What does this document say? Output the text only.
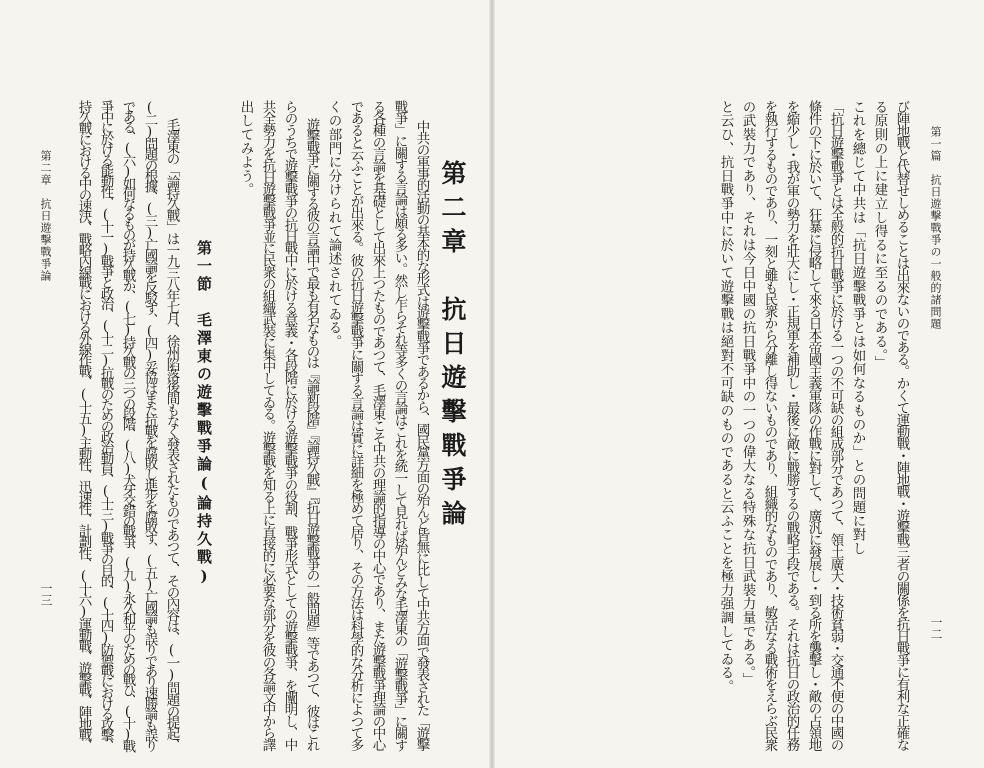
中共の軍事的活動の基本的な形式は遊擊戰爭であるから、國民黨方面の殆んど皆無に比して中共方面で發表された「遊擊
戰爭」に關する言論は頗る多い。然し乍らそれ等多くの言論はこれを統一して見れば殆んどみな毛澤東の「遊擊戰爭」に關す
る各種の言論を基礎として出來上つたものであつて、毛澤東こそ中共の理論的指導の中心であり、また遊擊戰爭理論の中心
であると云ふことが出來る。彼の抗日遊擊戰爭に關する言論は實に詳細を極めて居り、その方法は科學的な分析によつて多
くの部門に分けられて論述されてゐる。	第二章　抗日遊擊戰爭論
遊擊戰爭に關する彼の言論中で最も有名なものは『論新段階』『論持久戰』『抗日遊擊戰爭の一般問題』等であつて、彼はこれ
らのうちで遊擊戰爭の抗日戰中に於ける意義・各段階に於ける遊擊戰爭の役割、戰爭形式としての遊擊戰爭、を闡明し、中
共全勢力を抗日遊擊戰爭並に民衆の組織武裝に集中してゐる。遊擊戰を知る上に直接的に必要な部分を彼の各論文中から譯
出してみよう。
第一節　毛澤東の遊擊戰爭論(論持久戰)
毛澤東の「論持久戰」は一九三八年七月、徐州陷落後間もなく發表されたものであつて、その內容は、(一)問題の提起、
(二)問題の根據、(三)亡國論を反駁す、(四)妥協はまた抗戰を腐敗し進步を腐敗す、(五)亡國論も誤りであり速勝論も誤り
である、(六)如何なるものが持久戰か、(七)持久戰の三つの段階、(八)犬牙交錯の戰爭、(九)永久和平のための戰ひ、(十)戰
爭中に於ける能動性、(十一)戰爭と政治、(十二)抗戰のための政治動員、(十三)戰爭の目的、(十四)防禦戰における攻擊、
持久戰における中の速決、戰略內線戰における外線作戰、(十五)主動性、迅速性、計劃性、(十六)運動戰、遊擊戰、陣地戰、
第二章　抗日遊擊戰爭論
一三
第一篇　抗日遊撃戰爭の一般的諸問題
一二
び陣地戰と代替せしめることは出來ないのである。かくて運動戰・陣地戰・遊擊戰三者の關係を抗日戰爭に有利な正確な
る原則の上に建立し得るに至るのである。」
これを總じて中共は「抗日遊擊戰爭とは如何なるものか」との問題に對し
「抗日遊擊戰爭とは全般的抗日戰爭に於ける一つの不可缺の組成部分であつて、領土廣大・技術貧弱・交通不便の中國の
條件の下に於いて、狂暴に侵略して來る日本帝國主義軍隊の作戰に對して、廣汎に發展し・到る所を襲擊し・敵の占領地
を縮少し・我が軍の勢力を壯大にし・正規軍を補助し・最後に敵に戰勝するの戰略手段である。それは抗日の政治的任務
を執行するものであり、一刻と雖も民衆から分離し得ないものであり、組織的なものであり、敏活なる戰術をえらぶ民衆
の武裝力であり、それは今日中國の抗日戰爭中の一つの偉大なる特殊な抗日武裝力量である。」
と云ひ、抗日戰爭中に於いて遊擊戰は絕對不可缺のものであると云ふことを極力强調してゐる。
